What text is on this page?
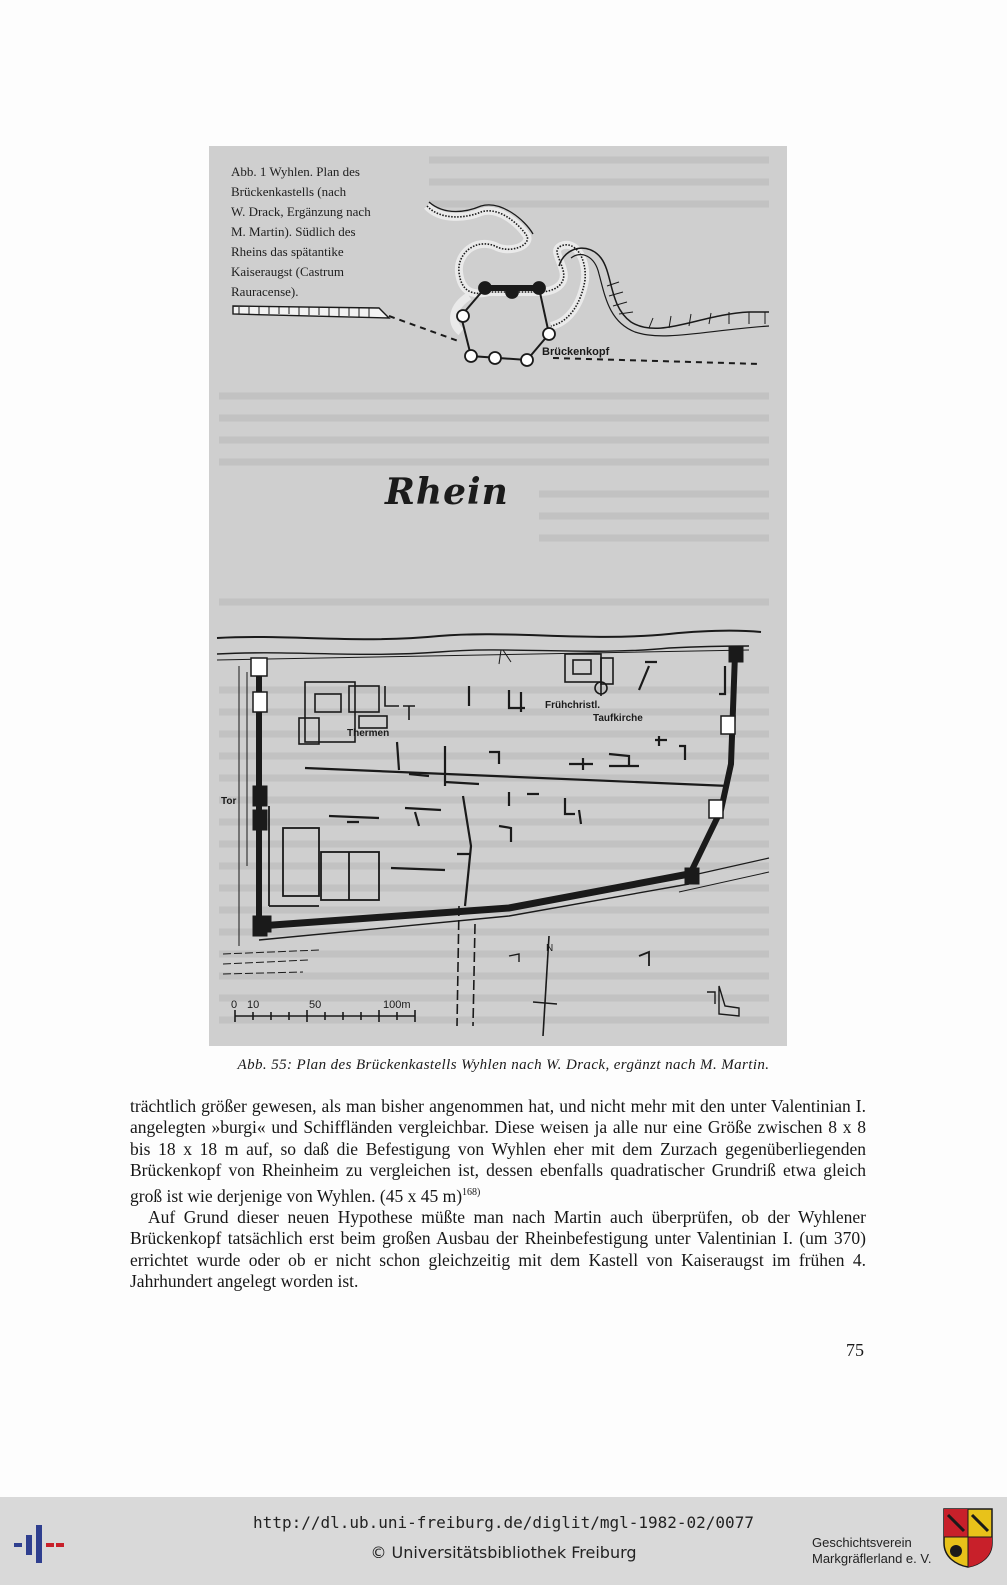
Abb. 1 Wyhlen. Plan des

Brückenkastells (nach

W. Drack, Ergänzung nach

M. Martin). Südlich des

Rheins das spätantike

Kaiseraugst (Castrum

Rauracense).

Brückenkopf
Thermen
Frühchristl.
Taufkirche
Tor
N
0 10	50	100m
Rhein
Abb. 55: Plan des Brückenkastells Wyhlen nach W. Drack, ergänzt nach M. Martin.

trächtlich größer gewesen, als man bisher angenommen hat, und nicht mehr mit den unter Valentinian I. angelegten »burgi« und Schiffländen vergleichbar. Diese weisen ja alle nur eine Größe zwischen 8 x 8 bis 18 x 18 m auf, so daß die Befestigung von Wyhlen eher mit dem Zurzach gegenüberliegenden Brückenkopf von Rheinheim zu vergleichen ist, dessen ebenfalls quadratischer Grundriß etwa gleich groß ist wie derjenige von Wyhlen. (45 x 45 m)$^{168)}$

Auf Grund dieser neuen Hypothese müßte man nach Martin auch überprüfen, ob der Wyhlener Brückenkopf tatsächlich erst beim großen Ausbau der Rheinbefestigung unter Valentinian I. (um 370) errichtet wurde oder ob er nicht schon gleichzeitig mit dem Kastell von Kaiseraugst im frühen 4. Jahrhundert angelegt worden ist.

75
http://dl.ub.uni-freiburg.de/diglit/mgl-1982-02/0077
© Universitätsbibliothek Freiburg
Geschichtsverein
Markgräflerland e. V.
